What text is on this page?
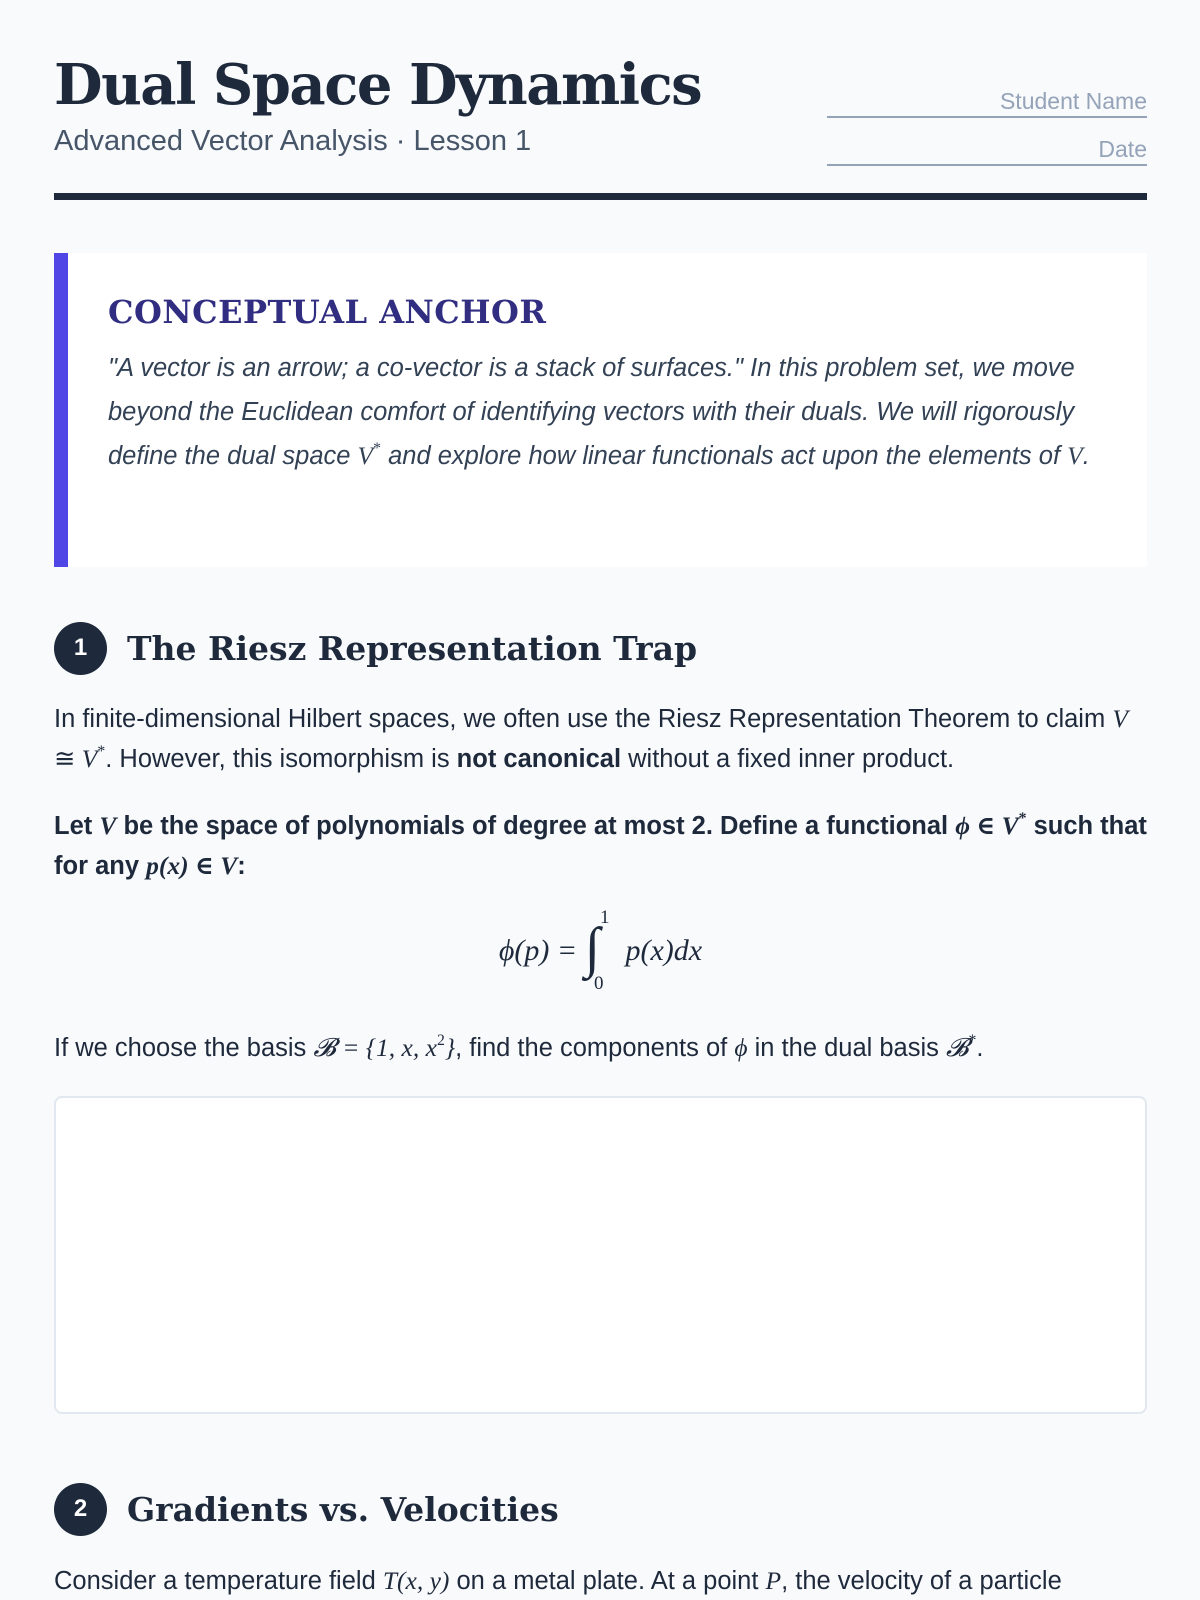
Dual Space Dynamics
Advanced Vector Analysis · Lesson 1
Student Name
Date
CONCEPTUAL ANCHOR
"A vector is an arrow; a co-vector is a stack of surfaces." In this problem set, we move beyond the Euclidean comfort of identifying vectors with their duals. We will rigorously define the dual space V* and explore how linear functionals act upon the elements of V.
1	The Riesz Representation Trap
In finite-dimensional Hilbert spaces, we often use the Riesz Representation Theorem to claim V ≅ V*. However, this isomorphism is not canonical without a fixed inner product.
Let V be the space of polynomials of degree at most 2. Define a functional ϕ ∈ V* such that for any p(x) ∈ V:
ϕ(p) = ∫ 1
0
p(x)dx
If we choose the basis 𝓑 = {1, x, $x^2$}, find the components of ϕ in the dual basis 𝓑*.
2	Gradients vs. Velocities
Consider a temperature field T(x, y) on a metal plate. At a point P, the velocity of a particle
